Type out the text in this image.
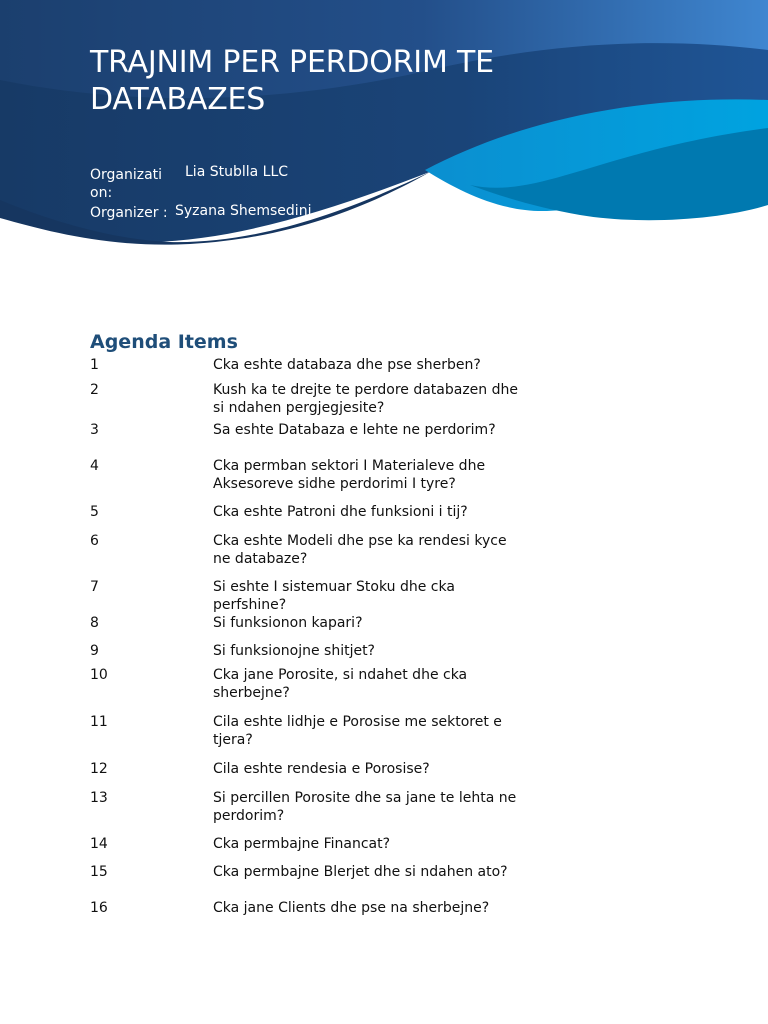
TRAJNIM PER PERDORIM TE DATABAZES
Organization:
Lia Stublla LLC
Organizer : Syzana Shemsedini
Agenda Items
1	Cka eshte databaza dhe pse sherben?
2	Kush ka te drejte te perdore databazen dhe si ndahen pergjegjesite?
3	Sa eshte Databaza e lehte ne perdorim?
4	Cka permban sektori I Materialeve dhe Aksesoreve sidhe perdorimi I tyre?
5	Cka eshte Patroni dhe funksioni i tij?
6	Cka eshte Modeli dhe pse ka rendesi kyce ne databaze?
7	Si eshte I sistemuar Stoku dhe cka perfshine?
8	Si funksionon kapari?
9	Si funksionojne shitjet?
10	Cka jane Porosite, si ndahet dhe cka sherbejne?
11	Cila eshte lidhje e Porosise me sektoret e tjera?
12	Cila eshte rendesia e Porosise?
13	Si percillen Porosite dhe sa jane te lehta ne perdorim?
14	Cka permbajne Financat?
15	Cka permbajne Blerjet dhe si ndahen ato?
16	Cka jane Clients dhe pse na sherbejne?
